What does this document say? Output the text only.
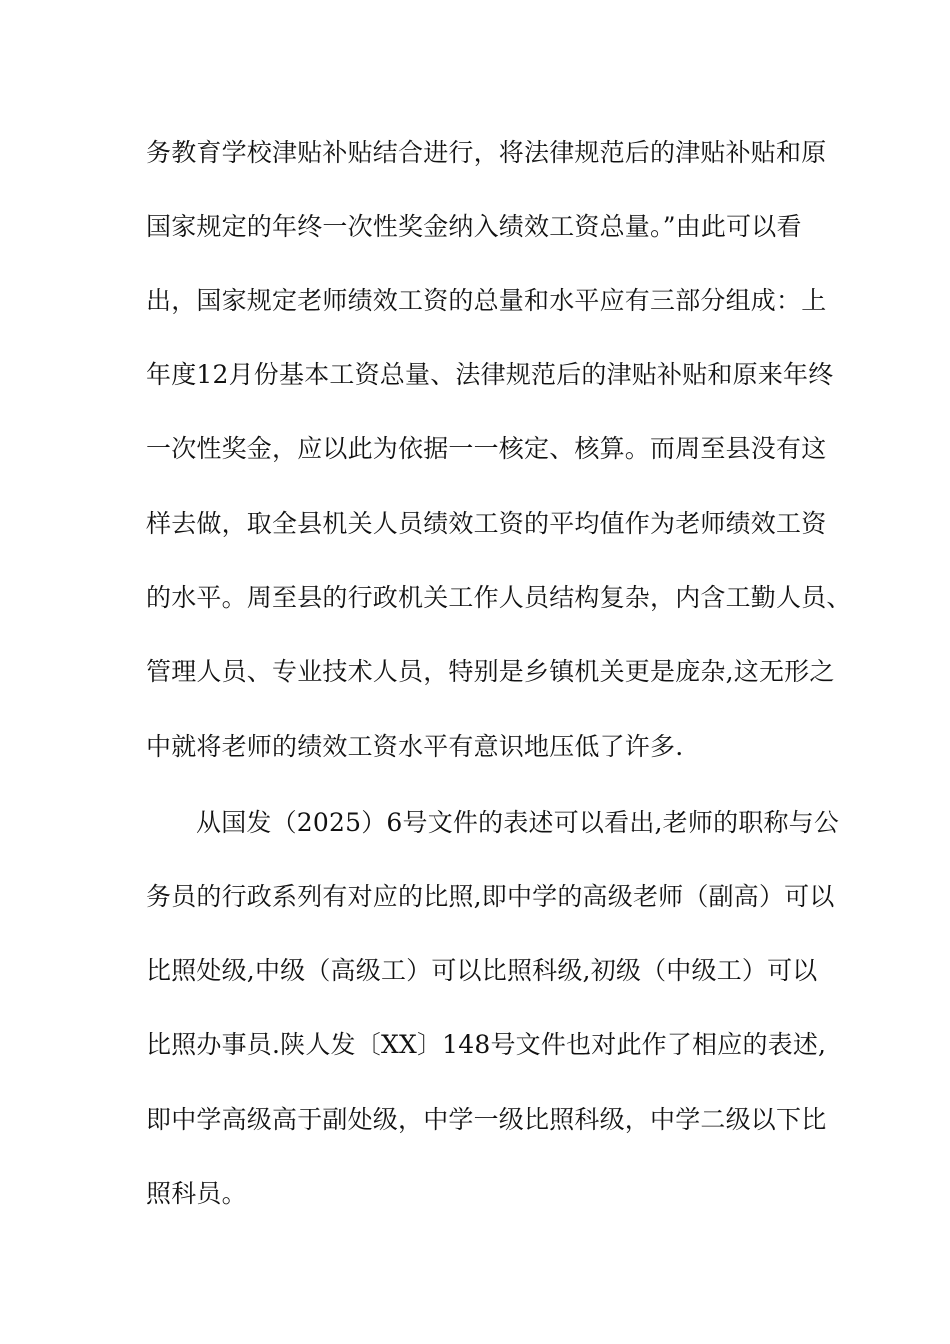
务教育学校津贴补贴结合进行，将法律规范后的津贴补贴和原
国家规定的年终一次性奖金纳入绩效工资总量。”由此可以看
出，国家规定老师绩效工资的总量和水平应有三部分组成：上
年度12月份基本工资总量、法律规范后的津贴补贴和原来年终
一次性奖金，应以此为依据一一核定、核算。而周至县没有这
样去做，取全县机关人员绩效工资的平均值作为老师绩效工资
的水平。周至县的行政机关工作人员结构复杂，内含工勤人员、
管理人员、专业技术人员，特别是乡镇机关更是庞杂,这无形之
中就将老师的绩效工资水平有意识地压低了许多.
从国发（2025）6号文件的表述可以看出,老师的职称与公
务员的行政系列有对应的比照,即中学的高级老师（副高）可以
比照处级,中级（高级工）可以比照科级,初级（中级工）可以
比照办事员.陕人发〔XX〕148号文件也对此作了相应的表述,
即中学高级高于副处级，中学一级比照科级，中学二级以下比
照科员。
